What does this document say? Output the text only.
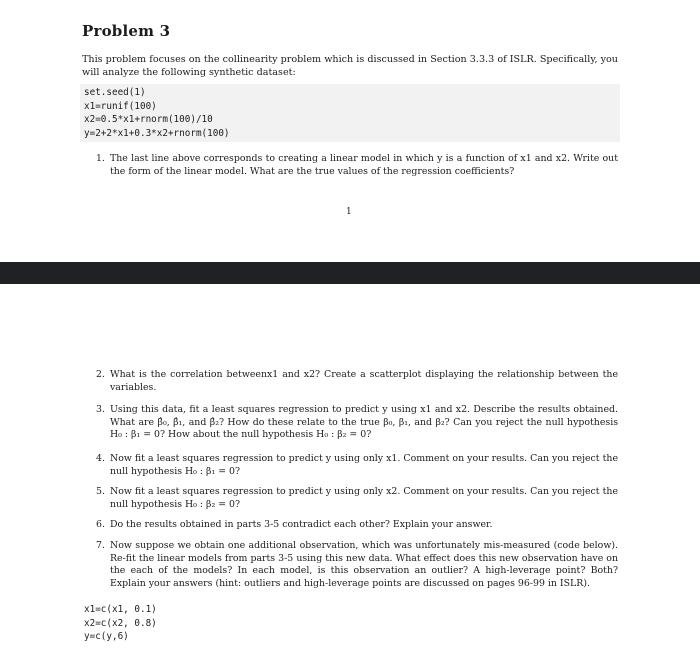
Problem 3

This problem focuses on the collinearity problem which is discussed in Section 3.3.3 of ISLR. Specifically, you will analyze the following synthetic dataset:

set.seed(1)
x1=runif(100)
x2=0.5*x1+rnorm(100)/10
y=2+2*x1+0.3*x2+rnorm(100)
1. The last line above corresponds to creating a linear model in which y is a function of x1 and x2. Write out the form of the linear model. What are the true values of the regression coefficients?
1
2. What is the correlation betweenx1 and x2? Create a scatterplot displaying the relationship between the variables.
3. Using this data, fit a least squares regression to predict y using x1 and x2. Describe the results obtained. What are β̂₀, β̂₁, and β̂₂? How do these relate to the true β₀, β₁, and β₂? Can you reject the null hypothesis H₀ : β₁ = 0? How about the null hypothesis H₀ : β₂ = 0?
4. Now fit a least squares regression to predict y using only x1. Comment on your results. Can you reject the null hypothesis H₀ : β₁ = 0?
5. Now fit a least squares regression to predict y using only x2. Comment on your results. Can you reject the null hypothesis H₀ : β₂ = 0?
6. Do the results obtained in parts 3-5 contradict each other? Explain your answer.
7. Now suppose we obtain one additional observation, which was unfortunately mis-measured (code below). Re-fit the linear models from parts 3-5 using this new data. What effect does this new observation have on the each of the models? In each model, is this observation an outlier? A high-leverage point? Both? Explain your answers (hint: outliers and high-leverage points are discussed on pages 96-99 in ISLR).
x1=c(x1, 0.1)
x2=c(x2, 0.8)
y=c(y,6)
